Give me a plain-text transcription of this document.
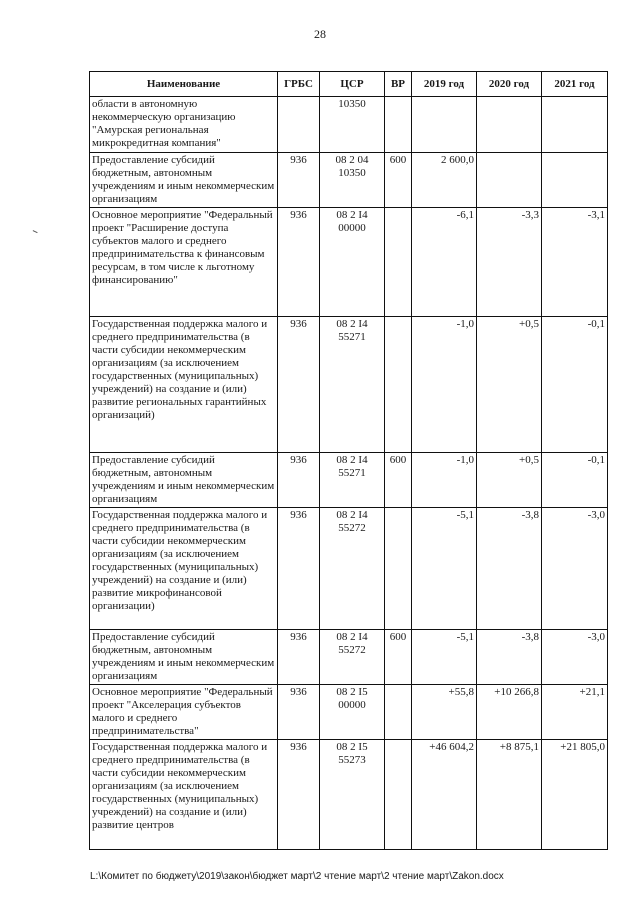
28
Наименование	ГРБС	ЦСР	ВР	2019 год	2020 год	2021 год
области в автономную некоммерческую организацию "Амурская региональная микрокредитная компания"		10350				
Предоставление субсидий бюджетным, автономным учреждениям и иным некоммерческим организациям	936	08 2 04 10350	600	2 600,0		
Основное мероприятие "Федеральный проект "Расширение доступа субъектов малого и среднего предпринимательства к финансовым ресурсам, в том числе к льготному финансированию"	936	08 2 I4 00000		-6,1	-3,3	-3,1
Государственная поддержка малого и среднего предпринимательства (в части субсидии некоммерческим организациям (за исключением государственных (муниципальных) учреждений) на создание и (или) развитие региональных гарантийных организаций)	936	08 2 I4 55271		-1,0	+0,5	-0,1
Предоставление субсидий бюджетным, автономным учреждениям и иным некоммерческим организациям	936	08 2 I4 55271	600	-1,0	+0,5	-0,1
Государственная поддержка малого и среднего предпринимательства (в части субсидии некоммерческим организациям (за исключением государственных (муниципальных) учреждений) на создание и (или) развитие микрофинансовой организации)	936	08 2 I4 55272		-5,1	-3,8	-3,0
Предоставление субсидий бюджетным, автономным учреждениям и иным некоммерческим организациям	936	08 2 I4 55272	600	-5,1	-3,8	-3,0
Основное мероприятие "Федеральный проект "Акселерация субъектов малого и среднего предпринимательства"	936	08 2 I5 00000		+55,8	+10 266,8	+21,1
Государственная поддержка малого и среднего предпринимательства (в части субсидии некоммерческим организациям (за исключением государственных (муниципальных) учреждений) на создание и (или) развитие центров	936	08 2 I5 55273		+46 604,2	+8 875,1	+21 805,0
L:\Комитет по бюджету\2019\закон\бюджет март\2 чтение март\2 чтение март\Zakon.docx
